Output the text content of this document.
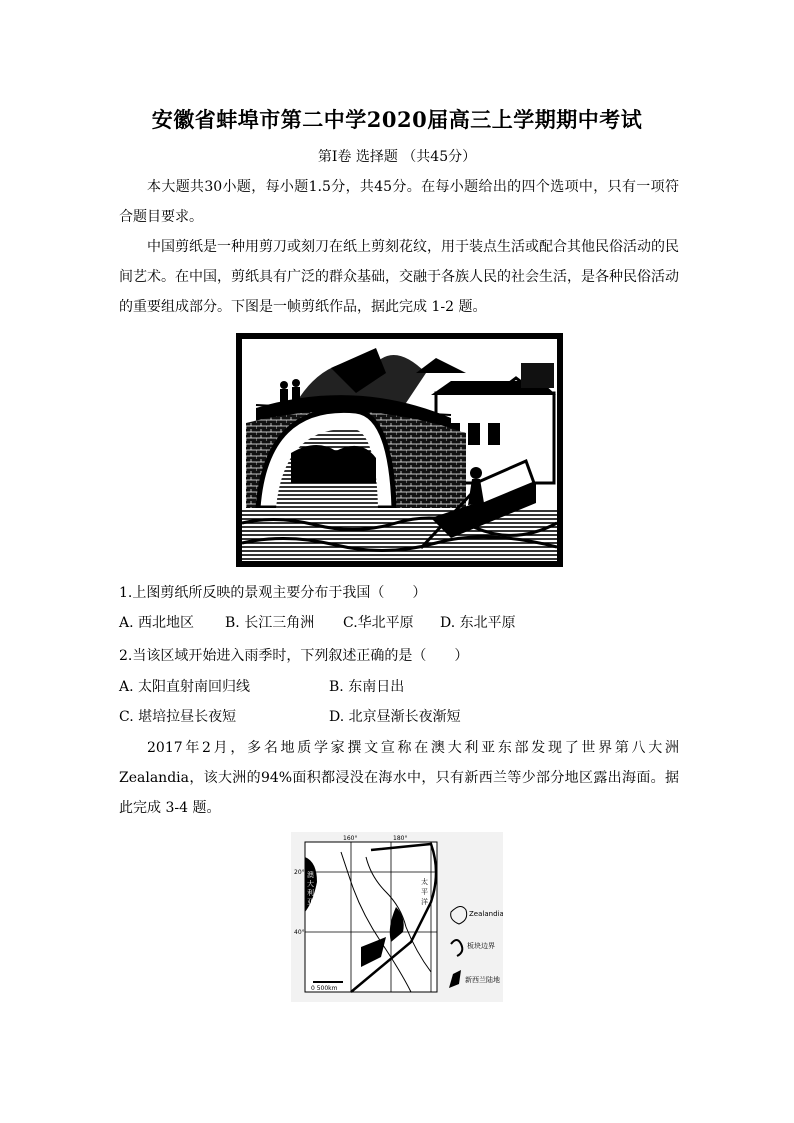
安徽省蚌埠市第二中学2020届高三上学期期中考试
第Ⅰ卷 选择题 （共45分）
本大题共30小题，每小题1.5分，共45分。在每小题给出的四个选项中，只有一项符合题目要求。
中国剪纸是一种用剪刀或刻刀在纸上剪刻花纹，用于装点生活或配合其他民俗活动的民间艺术。在中国，剪纸具有广泛的群众基础，交融于各族人民的社会生活，是各种民俗活动的重要组成部分。下图是一帧剪纸作品，据此完成 1-2 题。
1.上图剪纸所反映的景观主要分布于我国（　　）
A. 西北地区 B. 长江三角洲 C.华北平原 D. 东北平原
2.当该区域开始进入雨季时，下列叙述正确的是（　　）
A. 太阳直射南回归线	B. 东南日出
C. 堪培拉昼长夜短	D. 北京昼渐长夜渐短
2017年2月，多名地质学家撰文宣称在澳大利亚东部发现了世界第八大洲Zealandia，该大洲的94%面积都浸没在海水中，只有新西兰等少部分地区露出海面。据此完成 3-4 题。
160°	180°
20°
40°
澳
大
利
亚
太
平
洋
0 500km
Zealandia
板块边界
新西兰陆地
